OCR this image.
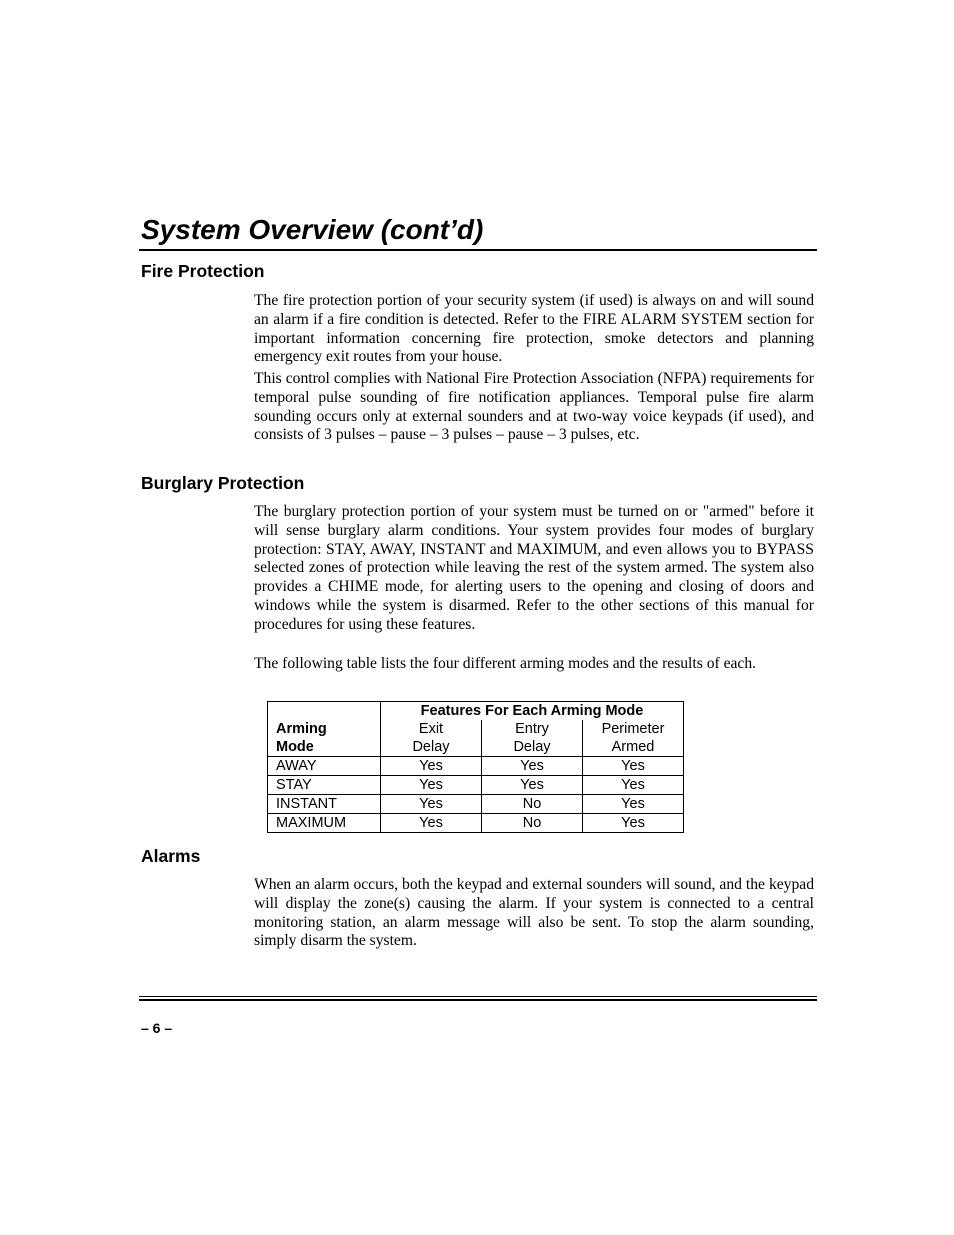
System Overview (cont’d)
Fire Protection

The fire protection portion of your security system (if used) is always on and will sound an alarm if a fire condition is detected. Refer to the FIRE ALARM SYSTEM section for important information concerning fire protection, smoke detectors and planning emergency exit routes from your house.

This control complies with National Fire Protection Association (NFPA) requirements for temporal pulse sounding of fire notification appliances. Temporal pulse fire alarm sounding occurs only at external sounders and at two-way voice keypads (if used), and consists of 3 pulses – pause – 3 pulses – pause – 3 pulses, etc.

Burglary Protection

The burglary protection portion of your system must be turned on or "armed" before it will sense burglary alarm conditions. Your system provides four modes of burglary protection: STAY, AWAY, INSTANT and MAXIMUM, and even allows you to BYPASS selected zones of protection while leaving the rest of the system armed. The system also provides a CHIME mode, for alerting users to the opening and closing of doors and windows while the system is disarmed. Refer to the other sections of this manual for procedures for using these features.

The following table lists the four different arming modes and the results of each.

	Features For Each Arming Mode		
Arming	Exit	Entry	Perimeter
Mode	Delay	Delay	Armed
AWAY	Yes	Yes	Yes
STAY	Yes	Yes	Yes
INSTANT	Yes	No	Yes
MAXIMUM	Yes	No	Yes
Alarms

When an alarm occurs, both the keypad and external sounders will sound, and the keypad will display the zone(s) causing the alarm. If your system is connected to a central monitoring station, an alarm message will also be sent. To stop the alarm sounding, simply disarm the system.

– 6 –
